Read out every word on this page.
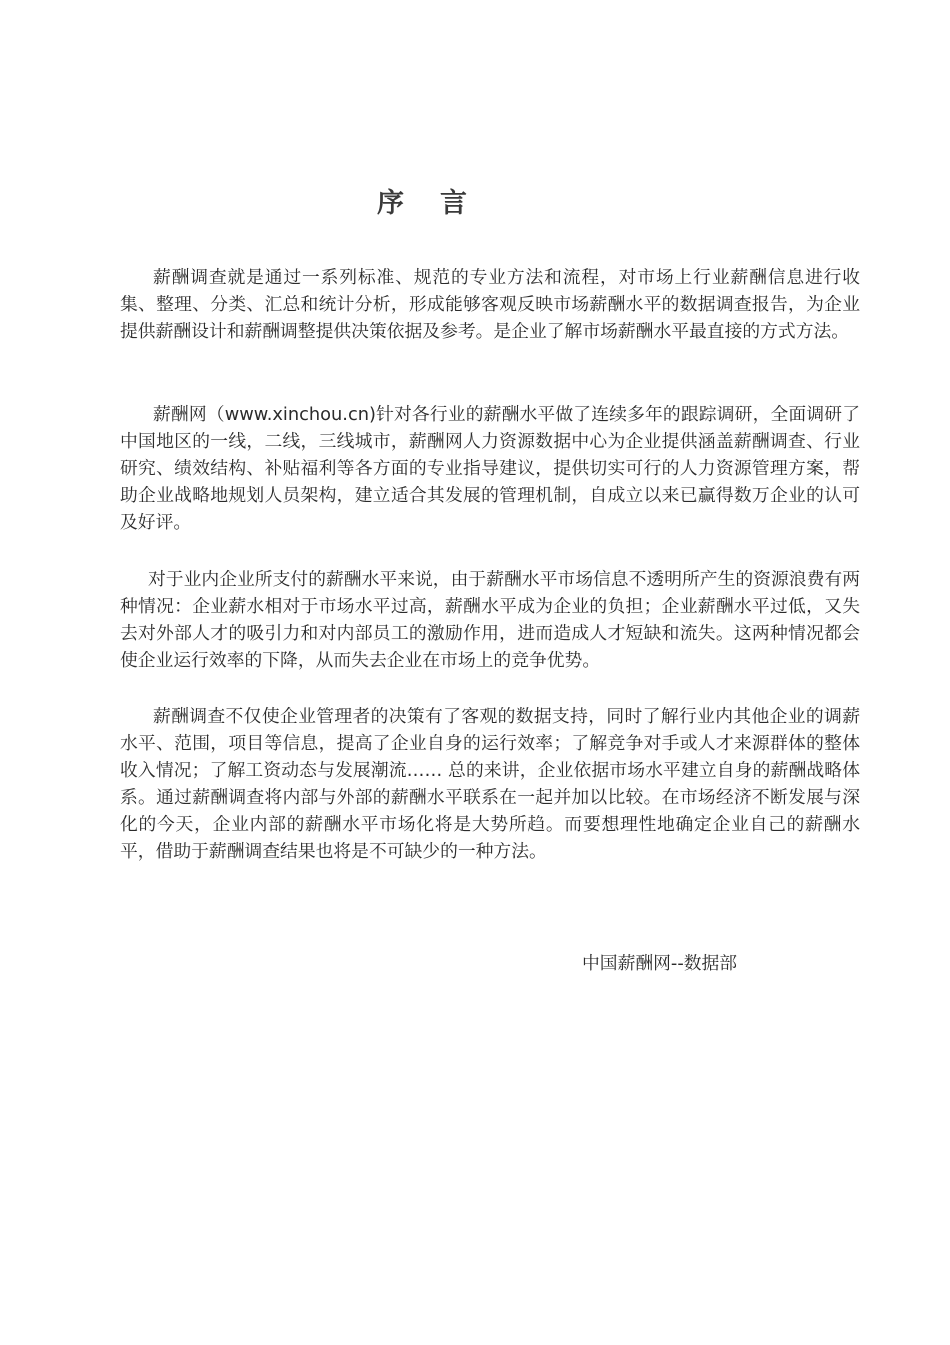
序言

薪酬调查就是通过一系列标准、规范的专业方法和流程，对市场上行业薪酬信息进行收集、整理、分类、汇总和统计分析，形成能够客观反映市场薪酬水平的数据调查报告，为企业提供薪酬设计和薪酬调整提供决策依据及参考。是企业了解市场薪酬水平最直接的方式方法。

薪酬网（www.xinchou.cn)针对各行业的薪酬水平做了连续多年的跟踪调研，全面调研了中国地区的一线，二线，三线城市，薪酬网人力资源数据中心为企业提供涵盖薪酬调查、行业研究、绩效结构、补贴福利等各方面的专业指导建议，提供切实可行的人力资源管理方案，帮助企业战略地规划人员架构，建立适合其发展的管理机制，自成立以来已赢得数万企业的认可及好评。

对于业内企业所支付的薪酬水平来说，由于薪酬水平市场信息不透明所产生的资源浪费有两种情况：企业薪水相对于市场水平过高，薪酬水平成为企业的负担；企业薪酬水平过低，又失去对外部人才的吸引力和对内部员工的激励作用，进而造成人才短缺和流失。这两种情况都会使企业运行效率的下降，从而失去企业在市场上的竞争优势。

薪酬调查不仅使企业管理者的决策有了客观的数据支持，同时了解行业内其他企业的调薪水平、范围，项目等信息，提高了企业自身的运行效率；了解竞争对手或人才来源群体的整体收入情况；了解工资动态与发展潮流…… 总的来讲，企业依据市场水平建立自身的薪酬战略体系。通过薪酬调查将内部与外部的薪酬水平联系在一起并加以比较。在市场经济不断发展与深化的今天，企业内部的薪酬水平市场化将是大势所趋。而要想理性地确定企业自己的薪酬水平，借助于薪酬调查结果也将是不可缺少的一种方法。

中国薪酬网--数据部
